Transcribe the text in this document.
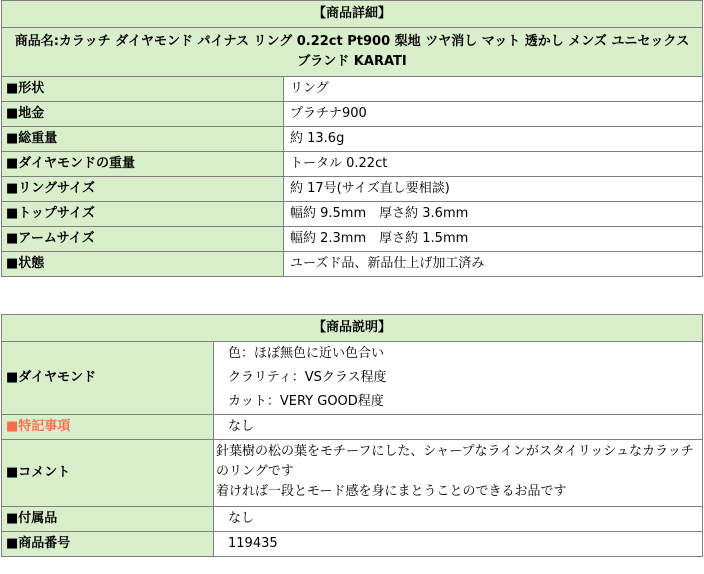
【商品詳細】	
商品名:カラッチ ダイヤモンド パイナス リング 0.22ct Pt900 梨地 ツヤ消し マット 透かし メンズ ユニセックス ブランド KARATI	
■形状	リング
■地金	プラチナ900
■総重量	約 13.6g
■ダイヤモンドの重量	トータル 0.22ct
■リングサイズ	約 17号(サイズ直し要相談)
■トップサイズ	幅約 9.5mm　厚さ約 3.6mm
■アームサイズ	幅約 2.3mm　厚さ約 1.5mm
■状態	ユーズド品、新品仕上げ加工済み
【商品説明】	
■ダイヤモンド	色：ほぼ無色に近い色合い

クラリティ：VSクラス程度

カット：VERY GOOD程度

■特記事項	なし
■コメント	針葉樹の松の葉をモチーフにした、シャープなラインがスタイリッシュなカラッチのリングです

着ければ一段とモード感を身にまとうことのできるお品です

■付属品	なし
■商品番号	119435
